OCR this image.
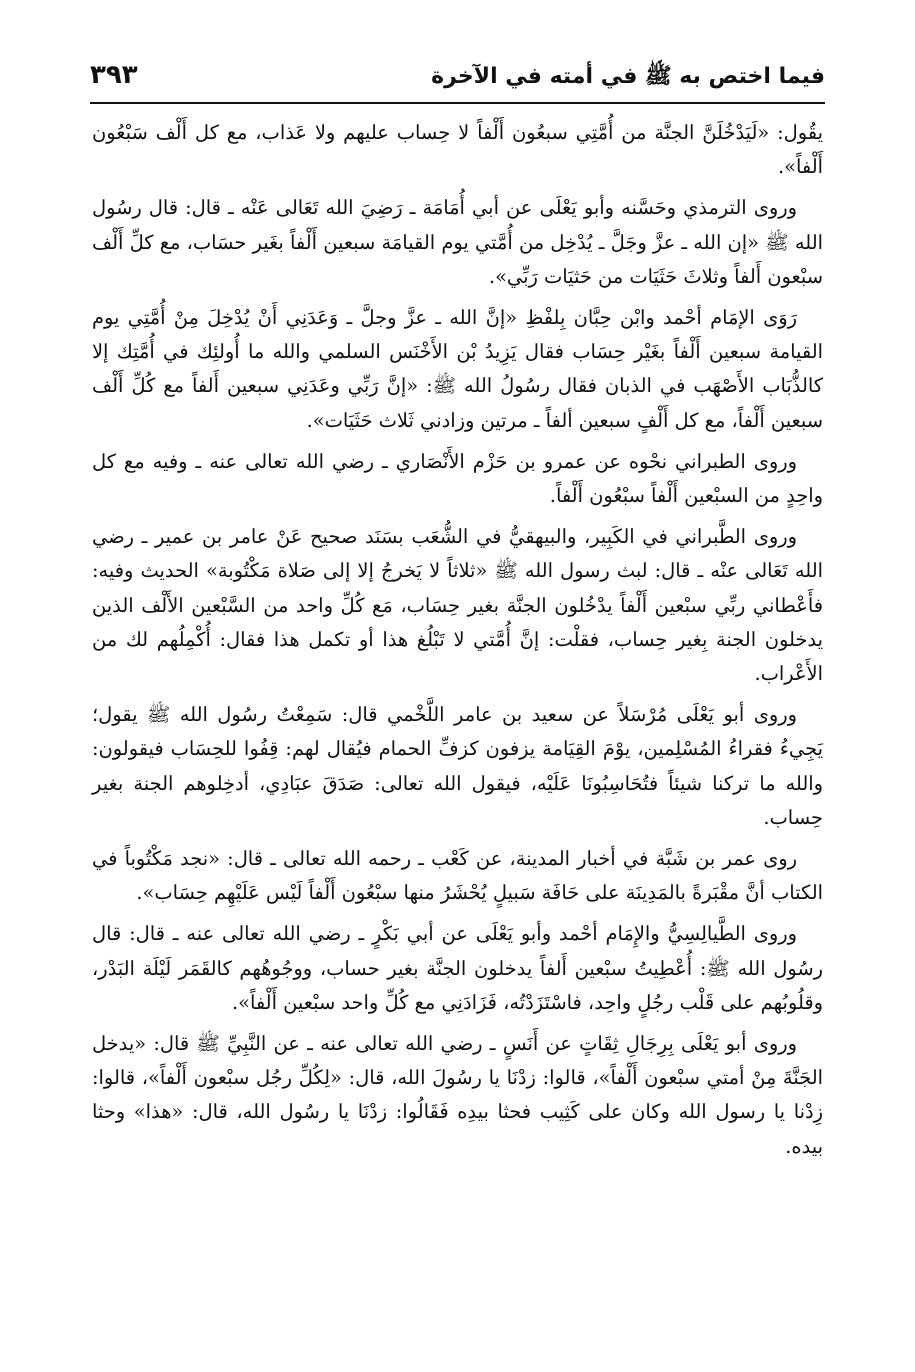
فيما اختص به ﷺ في أمته في الآخرة
٣٩٣

يقُول: «لَيَدْخُلَنَّ الجنَّة من أُمَّتِي سبعُون أَلْفاً لا حِساب عليهم ولا عَذاب، مع كل أَلْف سَبْعُون أَلْفاً».

وروى الترمذي وحَسَّنه وأبو يَعْلَى عن أبي أُمَامَة ـ رَضِيَ الله تَعَالى عَنْه ـ قال: قال رسُول الله ﷺ «إن الله ـ عزَّ وجَلَّ ـ يُدْخِل من أُمَّتي يوم القيامَة سبعين أَلْفاً بغَير حسَاب، مع كلِّ أَلْف سبْعون أَلفاً وثلاثَ حَثَيَات من حَثيَات رَبِّي».

رَوَى الإمَام أحْمد وابْن حِبَّان بِلفْظِ «إنَّ الله ـ عزَّ وجلَّ ـ وَعَدَنِي أَنْ يُدْخِلَ مِنْ أُمَّتِي يوم القيامة سبعين أَلْفاً بغَيْر حِسَاب فقال يَزِيدُ بْن الأَخْنَس السلمي والله ما أُولئِك في أُمَّتِك إلا كالذُّبَاب الأَصْهَب في الذبان فقال رسُولُ الله ﷺ: «إنَّ رَبِّي وعَدَنِي سبعين أَلفاً مع كُلِّ أَلْف سبعين أَلْفاً، مع كل أَلْفٍ سبعين ألفاً ـ مرتين وزادني ثَلاث حَثَيَات».

وروى الطبراني نحْوه عن عمرو بن حَزْم الأَنْصَاري ـ رضي الله تعالى عنه ـ وفيه مع كل واحِدٍ من السبْعين أَلْفاً سبْعُون أَلْفاً.

وروى الطَّبراني في الكَبِير، والبيهقيُّ في الشُّعَب بسَنَد صحيح عَنْ عامر بن عمير ـ رضي الله تَعَالى عنْه ـ قال: لبث رسول الله ﷺ «ثلاثاً لا يَخرجُ إلا إلى صَلاة مَكْتُوبة» الحديث وفيه: فأَعْطاني ربِّي سبْعين أَلْفاً يدْخُلون الجنَّة بغير حِسَاب، مَع كُلِّ واحد من السَّبْعين الأَلْف الذين يدخلون الجنة بِغير حِساب، فقلْت: إنَّ أُمَّتي لا تَبْلُغ هذا أو تكمل هذا فقال: أُكْمِلُهم لك من الأَعْراب.

وروى أبو يَعْلَى مُرْسَلاً عن سعيد بن عامر اللَّخْمي قال: سَمِعْتُ رسُول الله ﷺ يقول؛ يَجِيءُ فقراءُ المُسْلِمين، يوْمَ القِيَامة يزفون كزفِّ الحمام فيُقال لهم: قِفُوا للحِسَاب فيقولون: والله ما تركنا شيئاً فتُحَاسِبُونَا عَلَيْه، فيقول الله تعالى: صَدَقَ عبَادِي، أدخِلوهم الجنة بغير حِساب.

روى عمر بن شَبَّة في أخبار المدينة، عن كَعْب ـ رحمه الله تعالى ـ قال: «نجد مَكْتُوباً في الكتاب أنَّ مقْبَرةً بالمَدِينَة على حَافَة سَبيلٍ يُحْشَرُ منها سبْعُون أَلْفاً لَيْس عَلَيْهِم حِسَاب».

وروى الطَّيالِسِيُّ والإِمَام أحْمد وأبو يَعْلَى عن أبي بَكْرٍ ـ رضي الله تعالى عنه ـ قال: قال رسُول الله ﷺ: أُعْطِيتُ سبْعين أَلفاً يدخلون الجنَّة بغير حساب، ووجُوهُهم كالقَمَر لَيْلَة البَدْر، وقلُوبُهم على قَلْب رجُلٍ واحِد، فاسْتَزَدْتُه، فَزَادَنِي مع كُلِّ واحد سبْعين أَلْفاً».

وروى أبو يَعْلَى بِرِجَالِ ثِقَاتٍ عن أَنَسٍ ـ رضي الله تعالى عنه ـ عن النَّبِيِّ ﷺ قال: «يدخل الجَنَّةَ مِنْ أمتي سبْعون أَلْفاً»، قالوا: زدْنَا يا رسُولَ الله، قال: «لِكُلِّ رجُل سبْعون أَلْفاً»، قالوا: زِدْنا يا رسول الله وكان على كَثِيب فحثا بيدِه فَقَالُوا: زدْنَا يا رسُول الله، قال: «هذا» وحثا بيده.
